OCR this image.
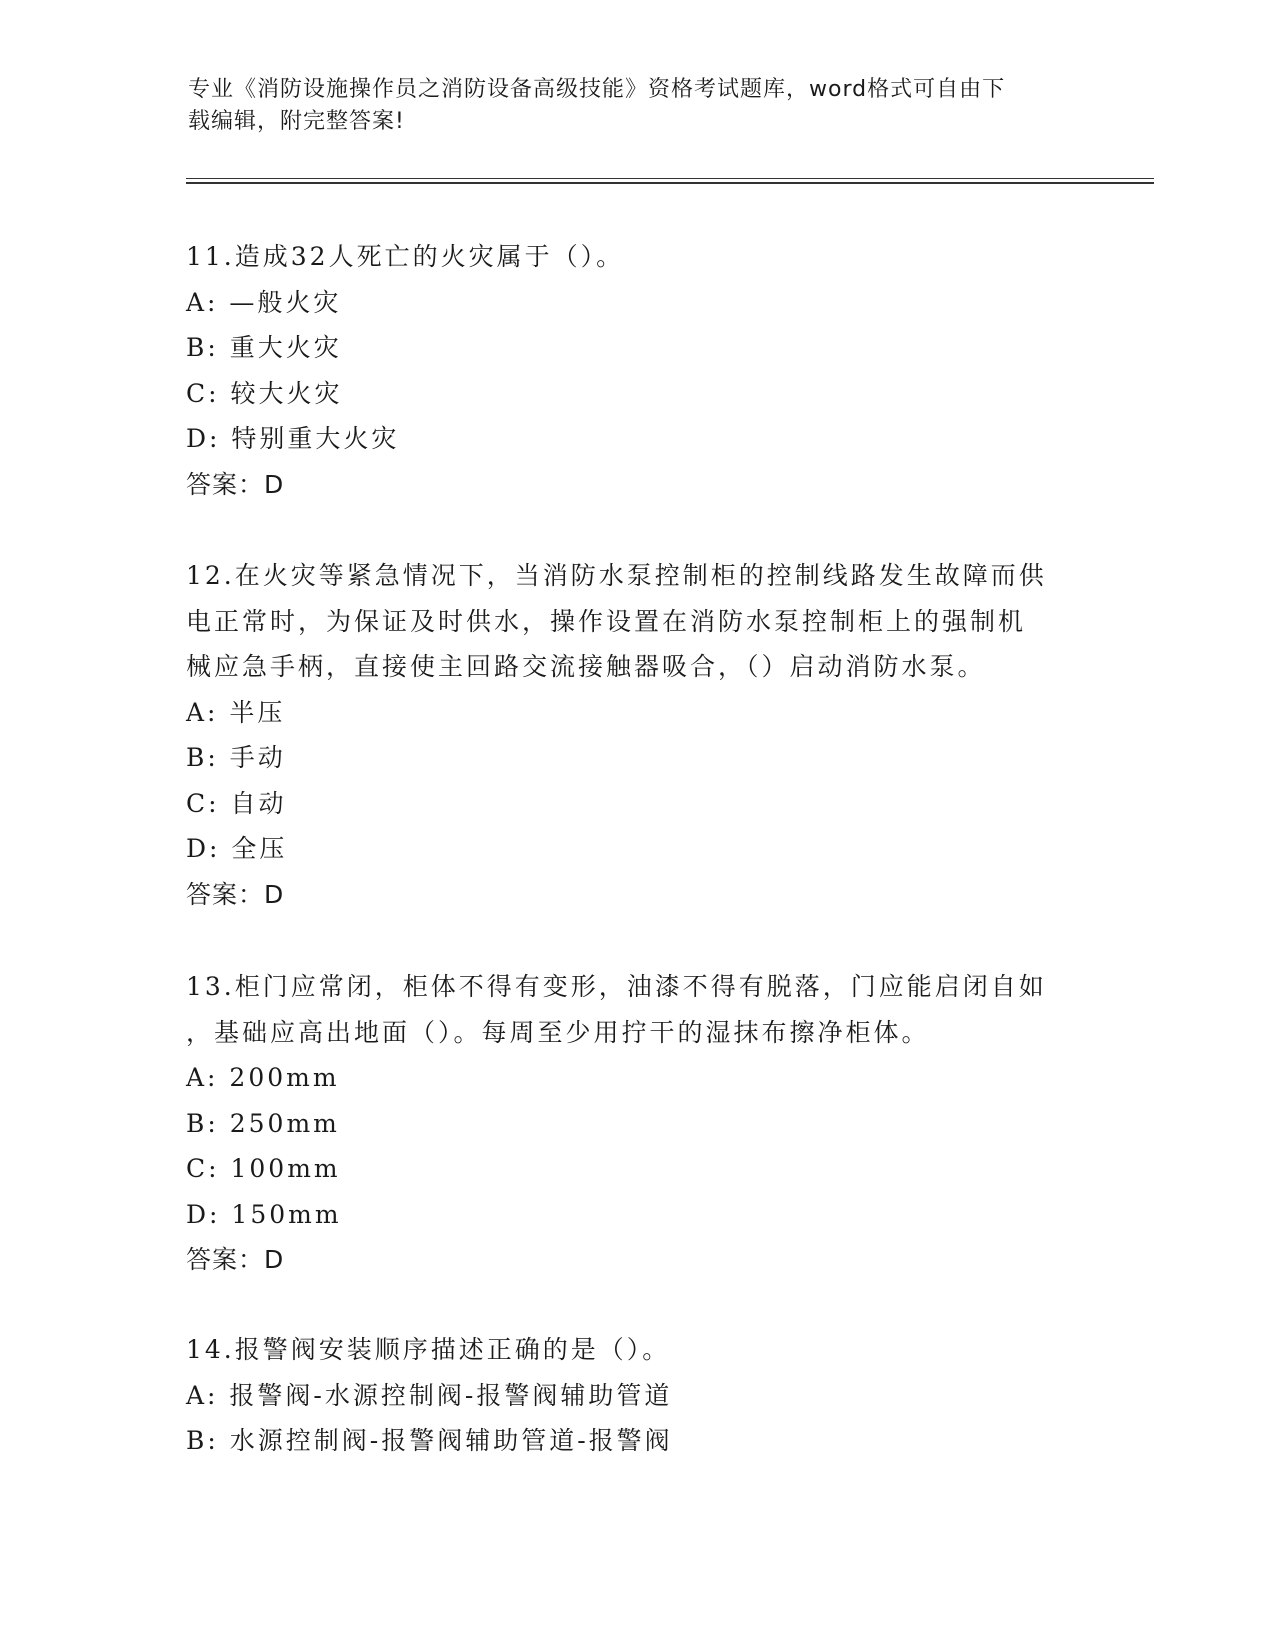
专业《消防设施操作员之消防设备高级技能》资格考试题库，word格式可自由下
载编辑，附完整答案!

11.造成32人死亡的火灾属于（）。

A: —般火灾

B: 重大火灾

C: 较大火灾

D: 特别重大火灾

答案：D

12.在火灾等紧急情况下，当消防水泵控制柜的控制线路发生故障而供

电正常时，为保证及时供水，操作设置在消防水泵控制柜上的强制机

械应急手柄，直接使主回路交流接触器吸合，（）启动消防水泵。

A: 半压

B: 手动

C: 自动

D: 全压

答案：D

13.柜门应常闭，柜体不得有变形，油漆不得有脱落，门应能启闭自如

，基础应高出地面（）。每周至少用拧干的湿抹布擦净柜体。

A: 200mm

B: 250mm

C: 100mm

D: 150mm

答案：D

14.报警阀安装顺序描述正确的是（）。

A: 报警阀-水源控制阀-报警阀辅助管道

B: 水源控制阀-报警阀辅助管道-报警阀
